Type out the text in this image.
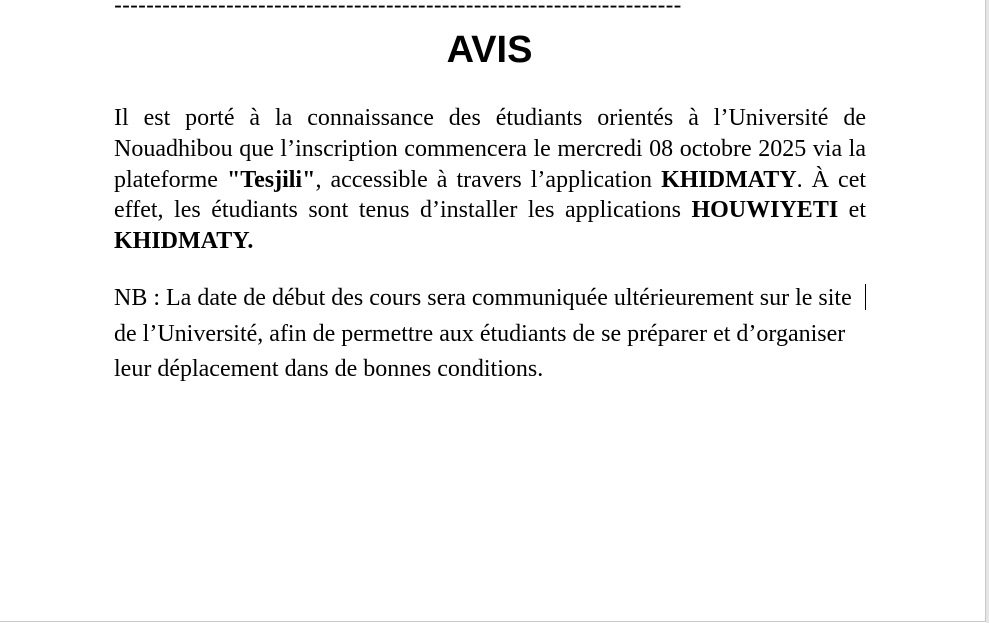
-----------------------------------------------------------------------
AVIS

Il est porté à la connaissance des étudiants orientés à l’Université de Nouadhibou que l’inscription commencera le mercredi 08 octobre 2025 via la plateforme "Tesjili", accessible à travers l’application KHIDMATY. À cet effet, les étudiants sont tenus d’installer les applications HOUWIYETI et KHIDMATY.

NB : La date de début des cours sera communiquée ultérieurement sur le site de l’Université, afin de permettre aux étudiants de se préparer et d’organiser leur déplacement dans de bonnes conditions.
